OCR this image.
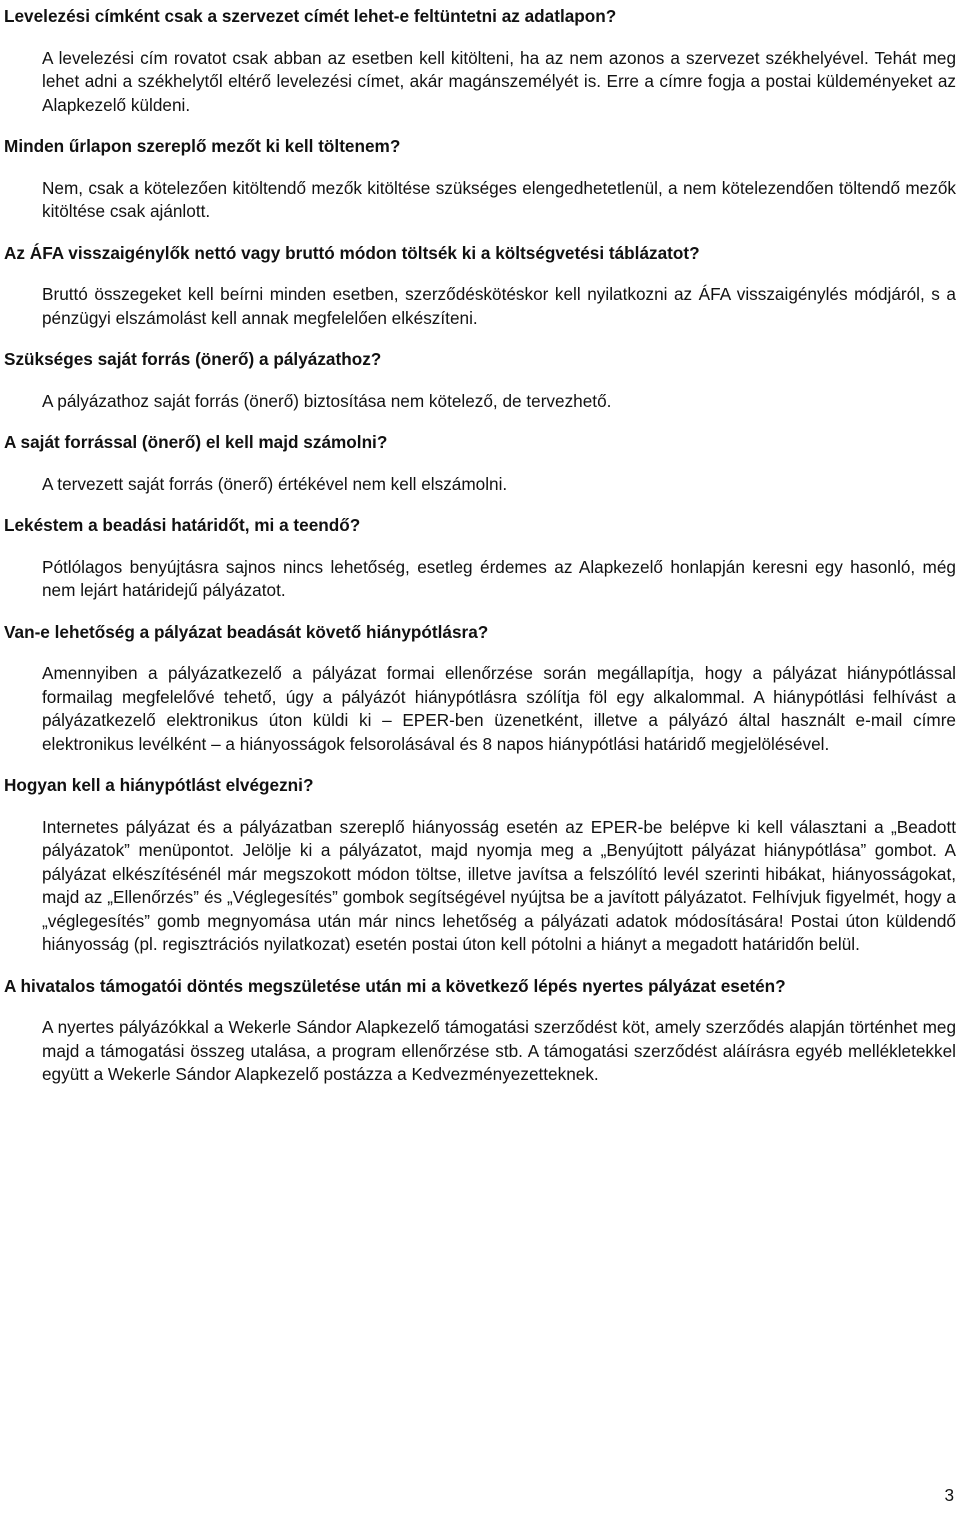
Levelezési címként csak a szervezet címét lehet-e feltüntetni az adatlapon?

A levelezési cím rovatot csak abban az esetben kell kitölteni, ha az nem azonos a szervezet székhelyével. Tehát meg lehet adni a székhelytől eltérő levelezési címet, akár magánszemélyét is. Erre a címre fogja a postai küldeményeket az Alapkezelő küldeni.

Minden űrlapon szereplő mezőt ki kell töltenem?

Nem, csak a kötelezően kitöltendő mezők kitöltése szükséges elengedhetetlenül, a nem kötelezendően töltendő mezők kitöltése csak ajánlott.

Az ÁFA visszaigénylők nettó vagy bruttó módon töltsék ki a költségvetési táblázatot?

Bruttó összegeket kell beírni minden esetben, szerződéskötéskor kell nyilatkozni az ÁFA visszaigénylés módjáról, s a pénzügyi elszámolást kell annak megfelelően elkészíteni.

Szükséges saját forrás (önerő) a pályázathoz?

A pályázathoz saját forrás (önerő) biztosítása nem kötelező, de tervezhető.

A saját forrással (önerő) el kell majd számolni?

A tervezett saját forrás (önerő) értékével nem kell elszámolni.

Lekéstem a beadási határidőt, mi a teendő?

Pótlólagos benyújtásra sajnos nincs lehetőség, esetleg érdemes az Alapkezelő honlapján keresni egy hasonló, még nem lejárt határidejű pályázatot.

Van-e lehetőség a pályázat beadását követő hiánypótlásra?

Amennyiben a pályázatkezelő a pályázat formai ellenőrzése során megállapítja, hogy a pályázat hiánypótlással formailag megfelelővé tehető, úgy a pályázót hiánypótlásra szólítja föl egy alkalommal. A hiánypótlási felhívást a pályázatkezelő elektronikus úton küldi ki – EPER-ben üzenetként, illetve a pályázó által használt e-mail címre elektronikus levélként – a hiányosságok felsorolásával és 8 napos hiánypótlási határidő megjelölésével.

Hogyan kell a hiánypótlást elvégezni?

Internetes pályázat és a pályázatban szereplő hiányosság esetén az EPER-be belépve ki kell választani a „Beadott pályázatok” menüpontot. Jelölje ki a pályázatot, majd nyomja meg a „Benyújtott pályázat hiánypótlása” gombot. A pályázat elkészítésénél már megszokott módon töltse, illetve javítsa a felszólító levél szerinti hibákat, hiányosságokat, majd az „Ellenőrzés” és „Véglegesítés” gombok segítségével nyújtsa be a javított pályázatot. Felhívjuk figyelmét, hogy a „véglegesítés” gomb megnyomása után már nincs lehetőség a pályázati adatok módosítására! Postai úton küldendő hiányosság (pl. regisztrációs nyilatkozat) esetén postai úton kell pótolni a hiányt a megadott határidőn belül.

A hivatalos támogatói döntés megszületése után mi a következő lépés nyertes pályázat esetén?

A nyertes pályázókkal a Wekerle Sándor Alapkezelő támogatási szerződést köt, amely szerződés alapján történhet meg majd a támogatási összeg utalása, a program ellenőrzése stb. A támogatási szerződést aláírásra egyéb mellékletekkel együtt a Wekerle Sándor Alapkezelő postázza a Kedvezményezetteknek.

3
